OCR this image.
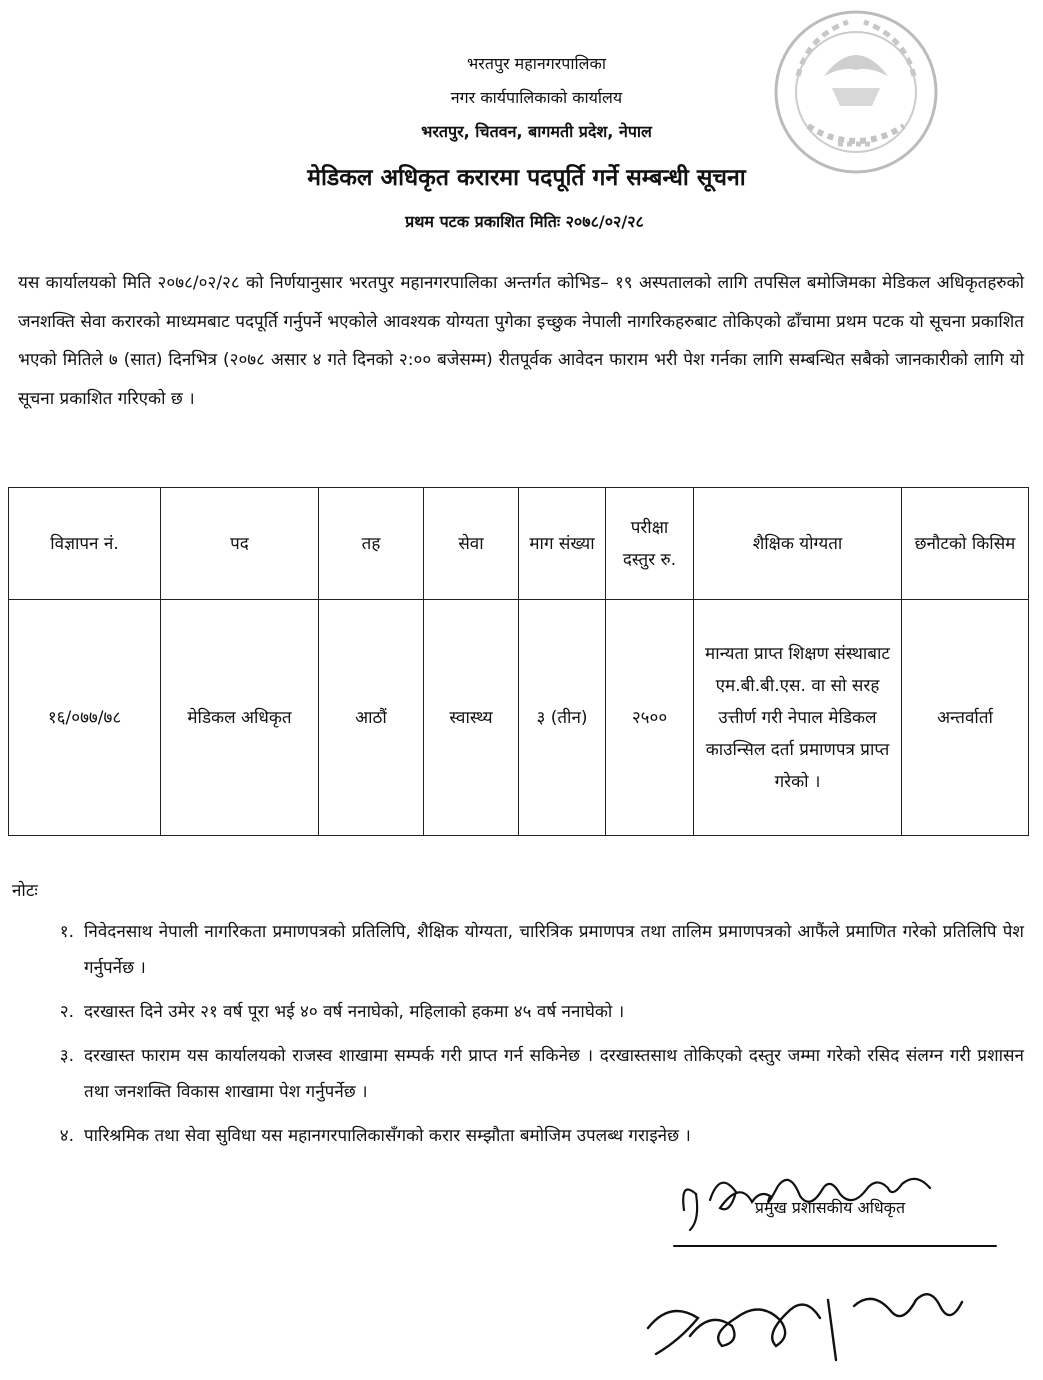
भरतपुर महानगरपालिका
नगर कार्यपालिकाको कार्यालय
भरतपुर, चितवन, बागमती प्रदेश, नेपाल
मेडिकल अधिकृत करारमा पदपूर्ति गर्ने सम्बन्धी सूचना
प्रथम पटक प्रकाशित मितिः २०७८/०२/२८
यस कार्यालयको मिति २०७८/०२/२८ को निर्णयानुसार भरतपुर महानगरपालिका अन्तर्गत कोभिड– १९ अस्पतालको लागि तपसिल बमोजिमका मेडिकल अधिकृतहरुको जनशक्ति सेवा करारको माध्यमबाट पदपूर्ति गर्नुपर्ने भएकोले आवश्यक योग्यता पुगेका इच्छुक नेपाली नागरिकहरुबाट तोकिएको ढाँचामा प्रथम पटक यो सूचना प्रकाशित भएको मितिले ७ (सात) दिनभित्र (२०७८ असार ४ गते दिनको २:०० बजेसम्म) रीतपूर्वक आवेदन फाराम भरी पेश गर्नका लागि सम्बन्धित सबैको जानकारीको लागि यो सूचना प्रकाशित गरिएको छ ।
विज्ञापन नं.	पद	तह	सेवा	माग संख्या	परीक्षा दस्तुर रु.	शैक्षिक योग्यता	छनौटको किसिम
१६/०७७/७८	मेडिकल अधिकृत	आठौं	स्वास्थ्य	३ (तीन)	२५००	मान्यता प्राप्त शिक्षण संस्थाबाट एम.बी.बी.एस. वा सो सरह उत्तीर्ण गरी नेपाल मेडिकल काउन्सिल दर्ता प्रमाणपत्र प्राप्त गरेको ।	अन्तर्वार्ता
नोटः
१. निवेदनसाथ नेपाली नागरिकता प्रमाणपत्रको प्रतिलिपि, शैक्षिक योग्यता, चारित्रिक प्रमाणपत्र तथा तालिम प्रमाणपत्रको आफैंले प्रमाणित गरेको प्रतिलिपि पेश गर्नुपर्नेछ ।
२. दरखास्त दिने उमेर २१ वर्ष पूरा भई ४० वर्ष ननाघेको, महिलाको हकमा ४५ वर्ष ननाघेको ।
३. दरखास्त फाराम यस कार्यालयको राजस्व शाखामा सम्पर्क गरी प्राप्त गर्न सकिनेछ । दरखास्तसाथ तोकिएको दस्तुर जम्मा गरेको रसिद संलग्न गरी प्रशासन तथा जनशक्ति विकास शाखामा पेश गर्नुपर्नेछ ।
४. पारिश्रमिक तथा सेवा सुविधा यस महानगरपालिकासँगको करार सम्झौता बमोजिम उपलब्ध गराइनेछ ।
प्रमुख प्रशासकीय अधिकृत
